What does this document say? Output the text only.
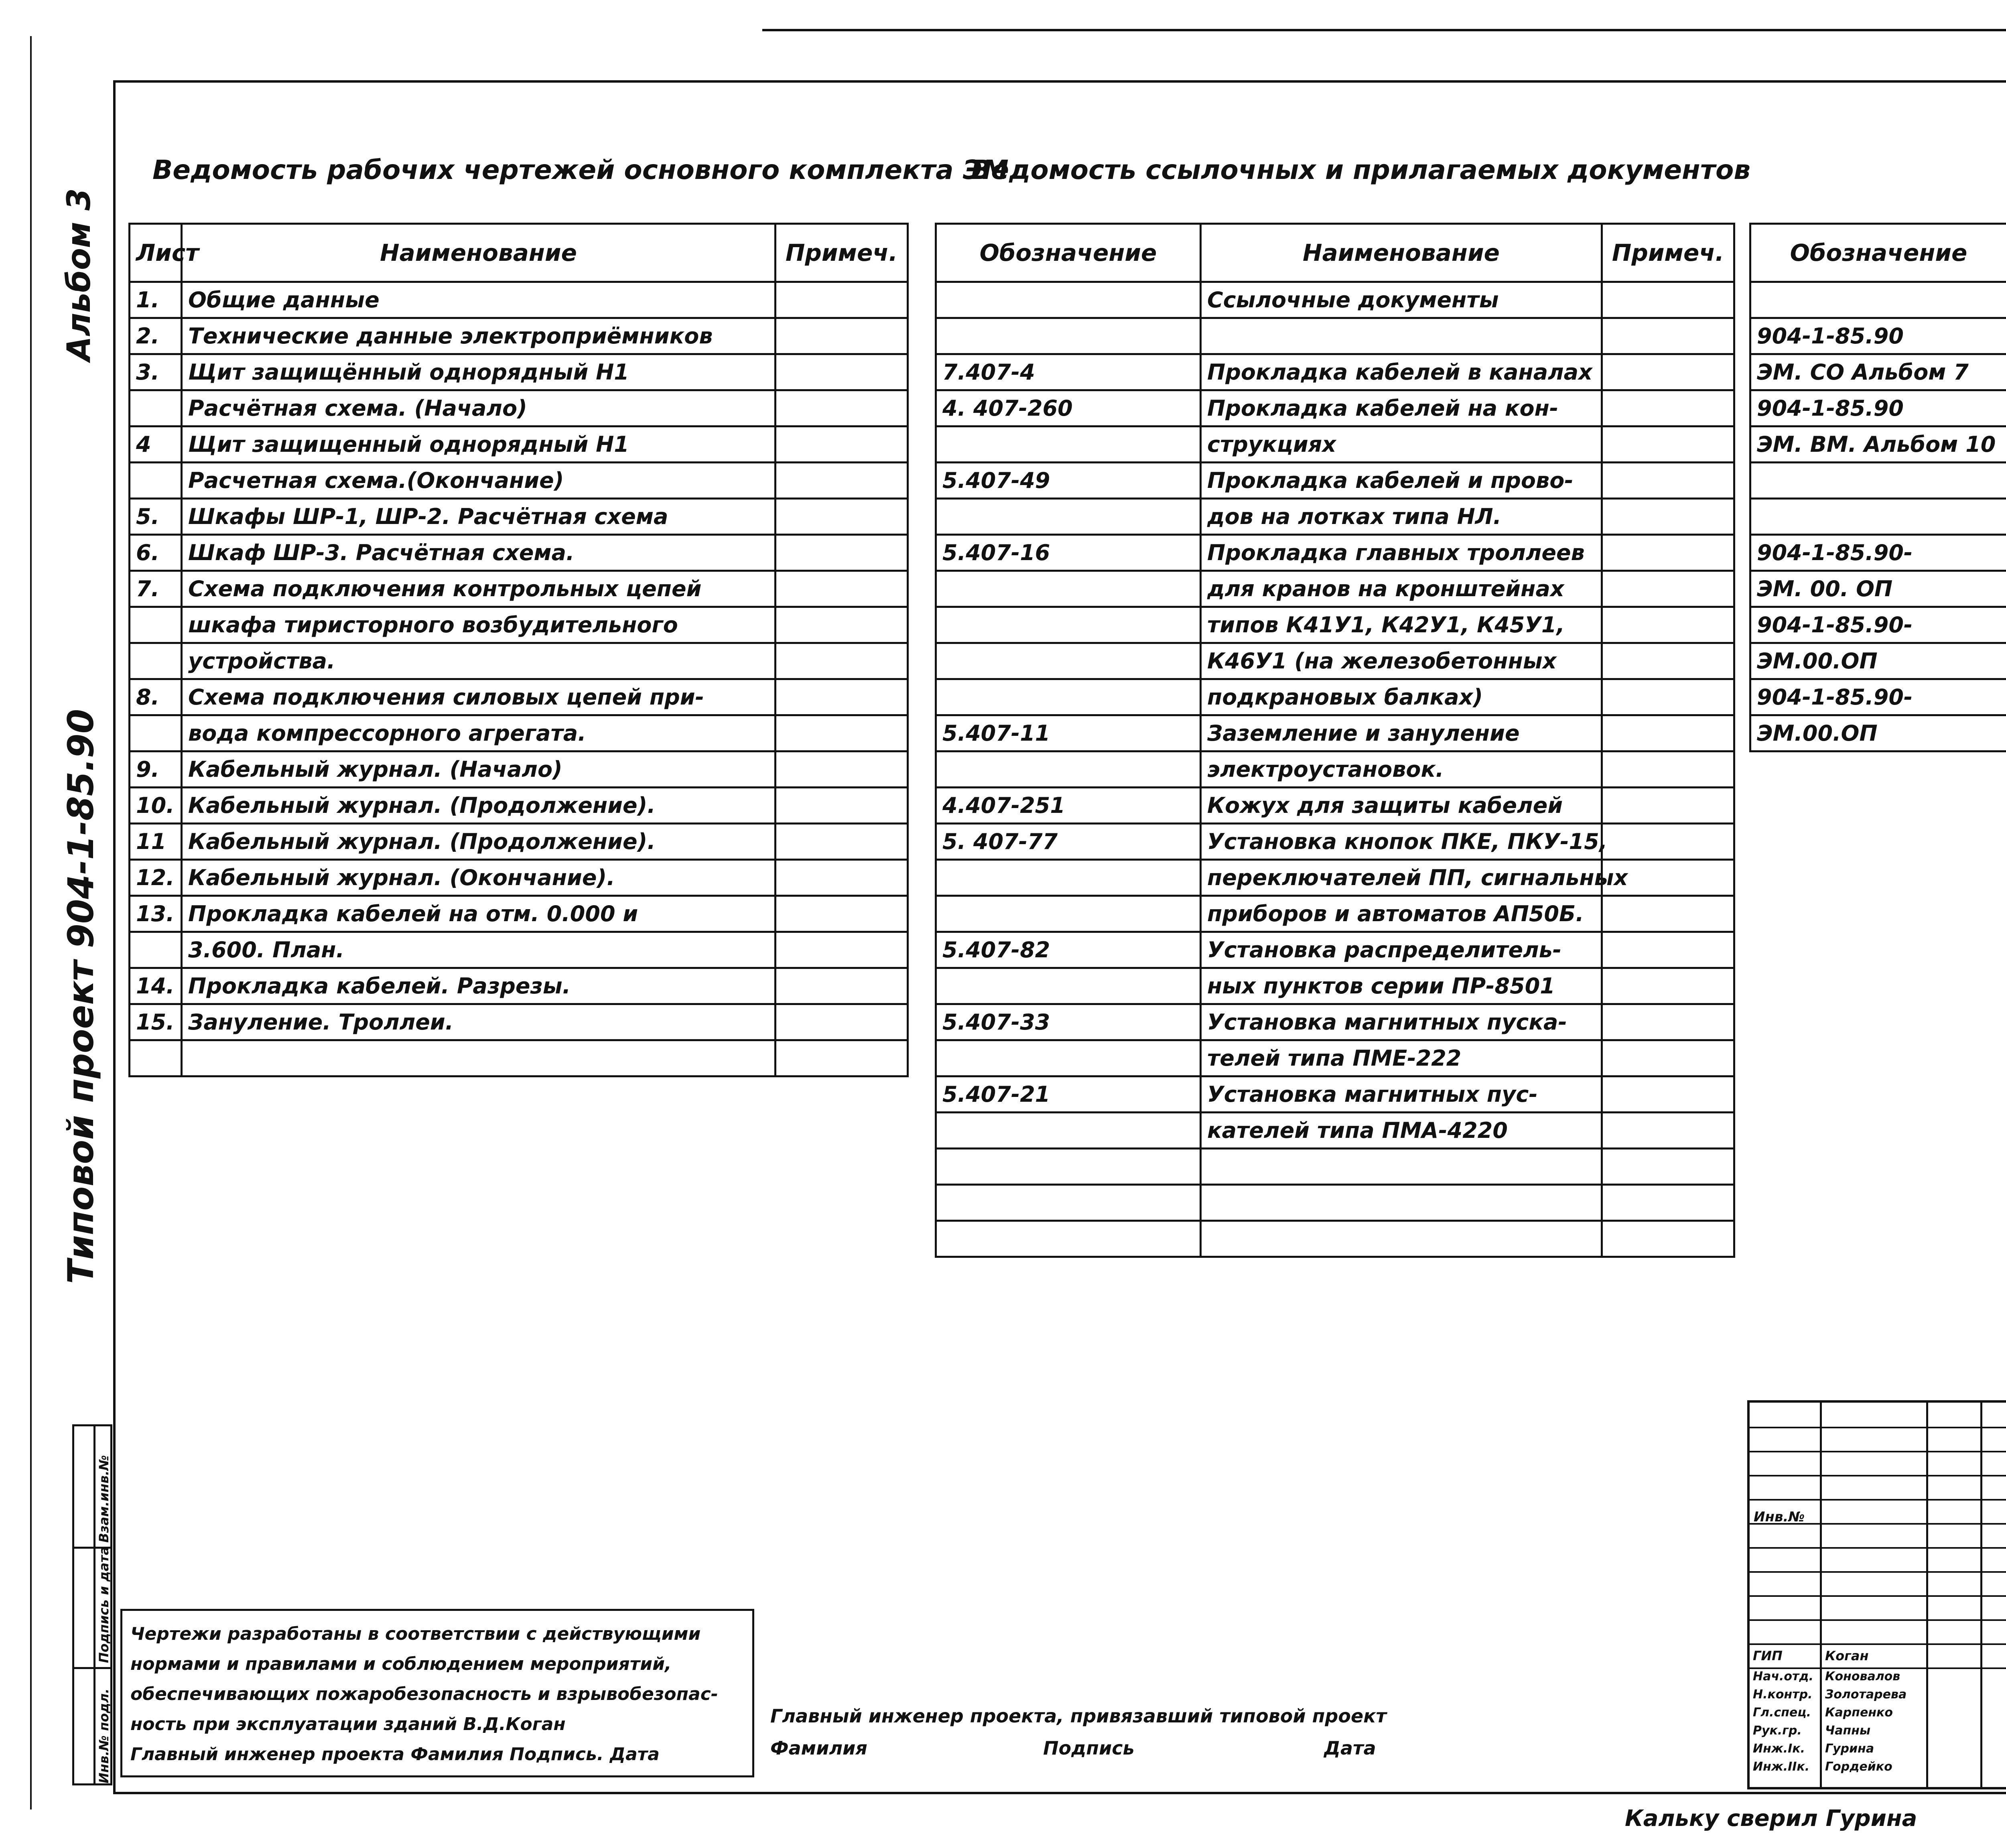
Альбом 3
Типовой проект 904-1-85.90
Инв.№ подл.
Подпись и дата
Взам.инв.№
Ведомость рабочих чертежей основного комплекта ЭМ
Ведомость ссылочных и прилагаемых документов
Лист	Наименование	Примеч.
1.	Общие данные	
2.	Технические данные электроприёмников	
3.	Щит защищённый однорядный Н1	
	Расчётная схема. (Начало)	
4	Щит защищенный однорядный Н1	
	Расчетная схема.(Окончание)	
5.	Шкафы ШР-1, ШР-2. Расчётная схема	
6.	Шкаф ШР-3. Расчётная схема.	
7.	Схема подключения контрольных цепей	
	шкафа тиристорного возбудительного	
	устройства.	
8.	Схема подключения силовых цепей при-	
	вода компрессорного агрегата.	
9.	Кабельный журнал. (Начало)	
10.	Кабельный журнал. (Продолжение).	
11	Кабельный журнал. (Продолжение).	
12.	Кабельный журнал. (Окончание).	
13.	Прокладка кабелей на отм. 0.000 и	
	3.600. План.	
14.	Прокладка кабелей. Разрезы.	
15.	Зануление. Троллеи.	

Обозначение	Наименование	Примеч.
	Ссылочные документы	

7.407-4	Прокладка кабелей в каналах	
4. 407-260	Прокладка кабелей на кон-	
	струкциях	
5.407-49	Прокладка кабелей и прово-	
	дов на лотках типа НЛ.	
5.407-16	Прокладка главных троллеев	
	для кранов на кронштейнах	
	типов К41У1, К42У1, К45У1,	
	К46У1 (на железобетонных	
	подкрановых балках)	
5.407-11	Заземление и зануление	
	электроустановок.	
4.407-251	Кожух для защиты кабелей	
5. 407-77	Установка кнопок ПКЕ, ПКУ-15,	
	переключателей ПП, сигнальных	
	приборов и автоматов АП50Б.	
5.407-82	Установка распределитель-	
	ных пунктов серии ПР-8501	
5.407-33	Установка магнитных пуска-	
	телей типа ПМЕ-222	
5.407-21	Установка магнитных пус-	
	кателей типа ПМА-4220	

Обозначение		

904-1-85.90		
ЭМ. СО Альбом 7		
904-1-85.90		
ЭМ. ВМ. Альбом 10		

904-1-85.90-		
ЭМ. 00. ОП		
904-1-85.90-		
ЭМ.00.ОП		
904-1-85.90-		
ЭМ.00.ОП		
Чертежи разработаны в соответствии с действующими
нормами и правилами и соблюдением мероприятий,
обеспечивающих пожаробезопасность и взрывобезопас-
ность при эксплуатации зданий В.Д.Коган
Главный инженер проекта Фамилия Подпись. Дата
Главный инженер проекта, привязавший типовой проект
Фамилия	Подпись	Дата
Инв.№
ГИП	Коган
Нач.отд. Коновалов
Н.контр. Золотарева
Гл.спец. Карпенко
Рук.гр. Чапны
Инж.Iк. Гурина
Инж.IIк. Гордейко
Кальку сверил Гурина
